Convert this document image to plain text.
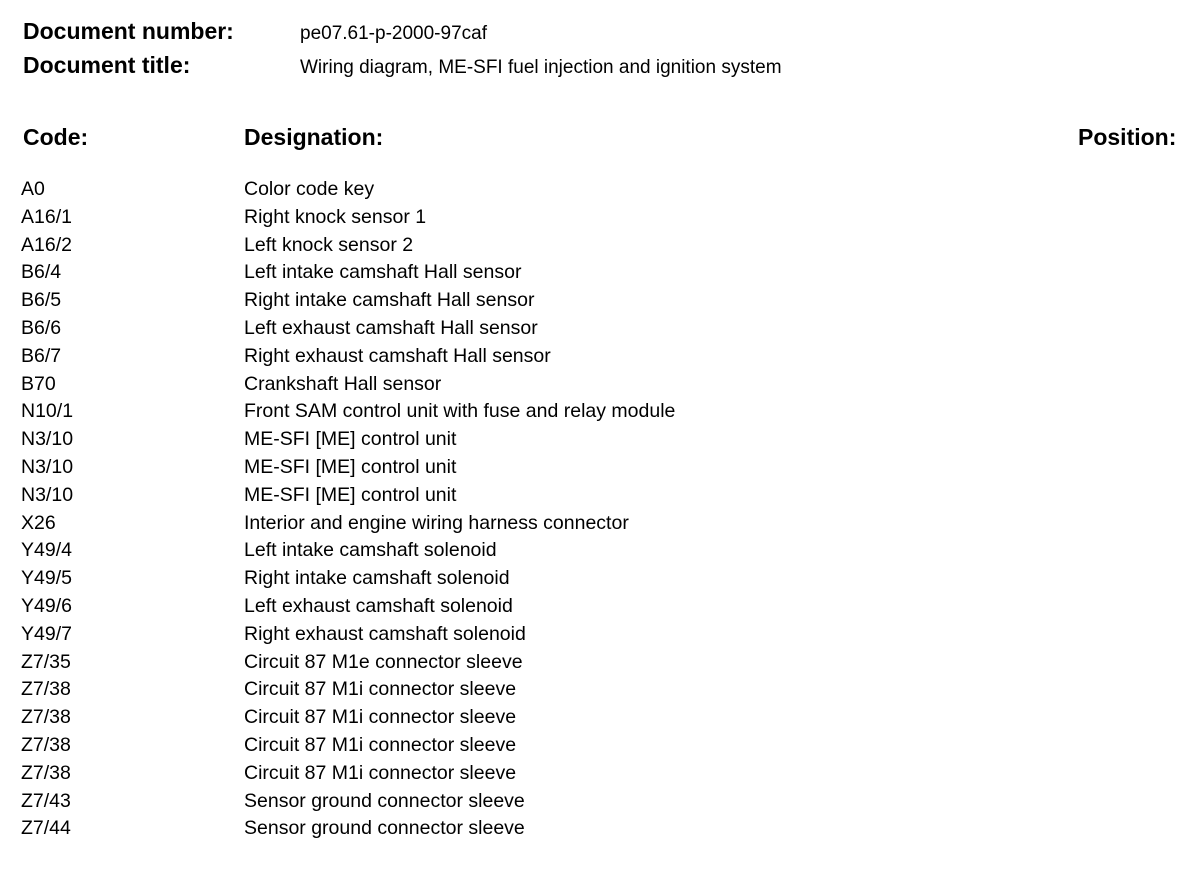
Document number:	pe07.61-p-2000-97caf
Document title:	Wiring diagram, ME-SFI fuel injection and ignition system
Code:	Designation:	Position:
A0	Color code key
A16/1	Right knock sensor 1
A16/2	Left knock sensor 2
B6/4	Left intake camshaft Hall sensor
B6/5	Right intake camshaft Hall sensor
B6/6	Left exhaust camshaft Hall sensor
B6/7	Right exhaust camshaft Hall sensor
B70	Crankshaft Hall sensor
N10/1	Front SAM control unit with fuse and relay module
N3/10	ME-SFI [ME] control unit
N3/10	ME-SFI [ME] control unit
N3/10	ME-SFI [ME] control unit
X26	Interior and engine wiring harness connector
Y49/4	Left intake camshaft solenoid
Y49/5	Right intake camshaft solenoid
Y49/6	Left exhaust camshaft solenoid
Y49/7	Right exhaust camshaft solenoid
Z7/35	Circuit 87 M1e connector sleeve
Z7/38	Circuit 87 M1i connector sleeve
Z7/38	Circuit 87 M1i connector sleeve
Z7/38	Circuit 87 M1i connector sleeve
Z7/38	Circuit 87 M1i connector sleeve
Z7/43	Sensor ground connector sleeve
Z7/44	Sensor ground connector sleeve
